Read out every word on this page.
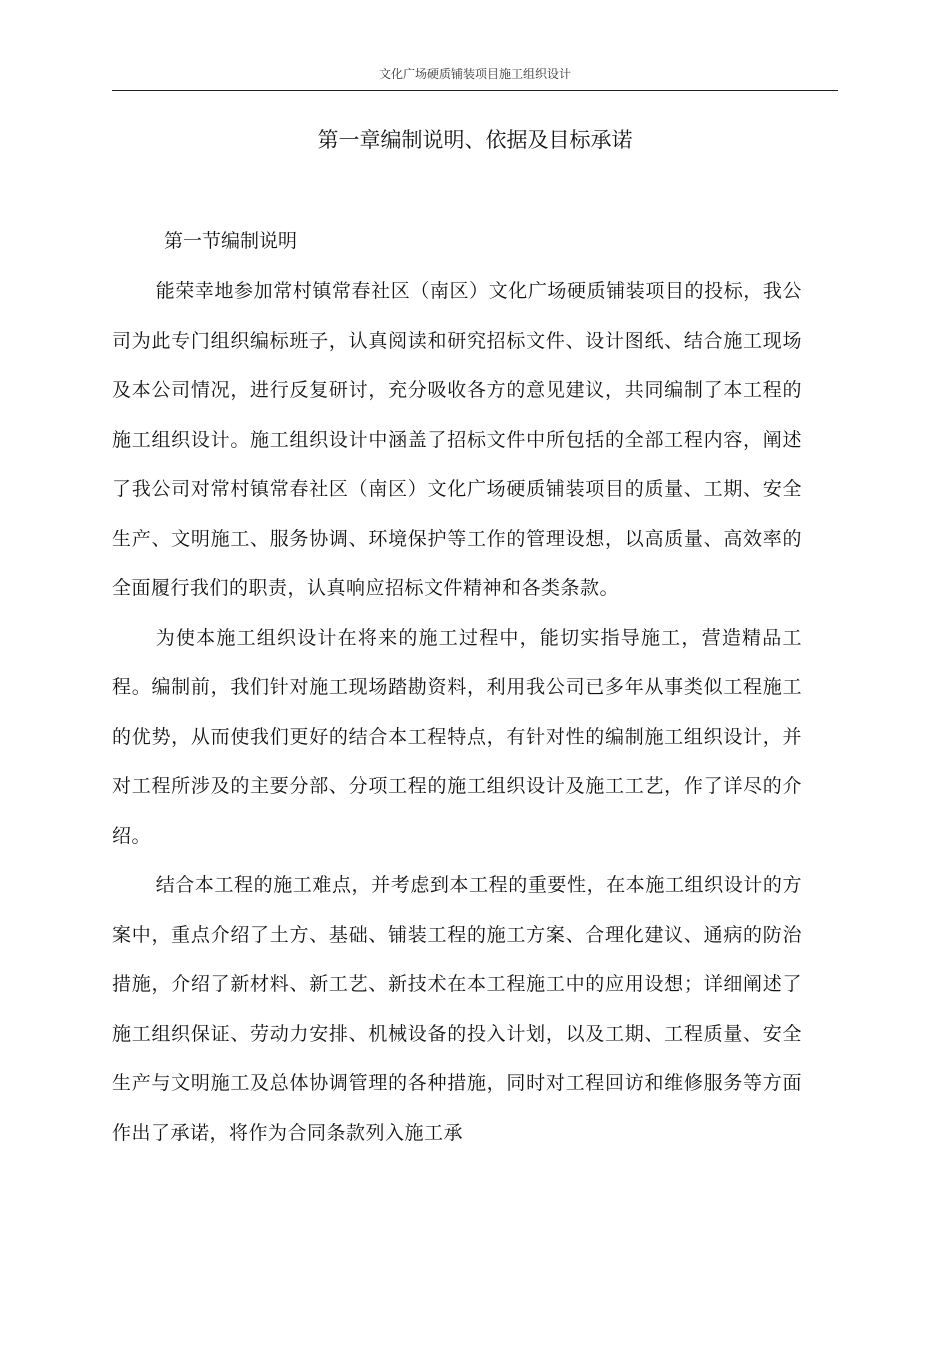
文化广场硬质铺装项目施工组织设计
第一章编制说明、依据及目标承诺
第一节编制说明

能荣幸地参加常村镇常春社区（南区）文化广场硬质铺装项目的投标，我公司为此专门组织编标班子，认真阅读和研究招标文件、设计图纸、结合施工现场及本公司情况，进行反复研讨，充分吸收各方的意见建议，共同编制了本工程的施工组织设计。施工组织设计中涵盖了招标文件中所包括的全部工程内容，阐述了我公司对常村镇常春社区（南区）文化广场硬质铺装项目的质量、工期、安全生产、文明施工、服务协调、环境保护等工作的管理设想，以高质量、高效率的全面履行我们的职责，认真响应招标文件精神和各类条款。

为使本施工组织设计在将来的施工过程中，能切实指导施工，营造精品工程。编制前，我们针对施工现场踏勘资料，利用我公司已多年从事类似工程施工的优势，从而使我们更好的结合本工程特点，有针对性的编制施工组织设计，并对工程所涉及的主要分部、分项工程的施工组织设计及施工工艺，作了详尽的介绍。

结合本工程的施工难点，并考虑到本工程的重要性，在本施工组织设计的方案中，重点介绍了土方、基础、铺装工程的施工方案、合理化建议、通病的防治措施，介绍了新材料、新工艺、新技术在本工程施工中的应用设想；详细阐述了施工组织保证、劳动力安排、机械设备的投入计划，以及工期、工程质量、安全生产与文明施工及总体协调管理的各种措施，同时对工程回访和维修服务等方面作出了承诺，将作为合同条款列入施工承
